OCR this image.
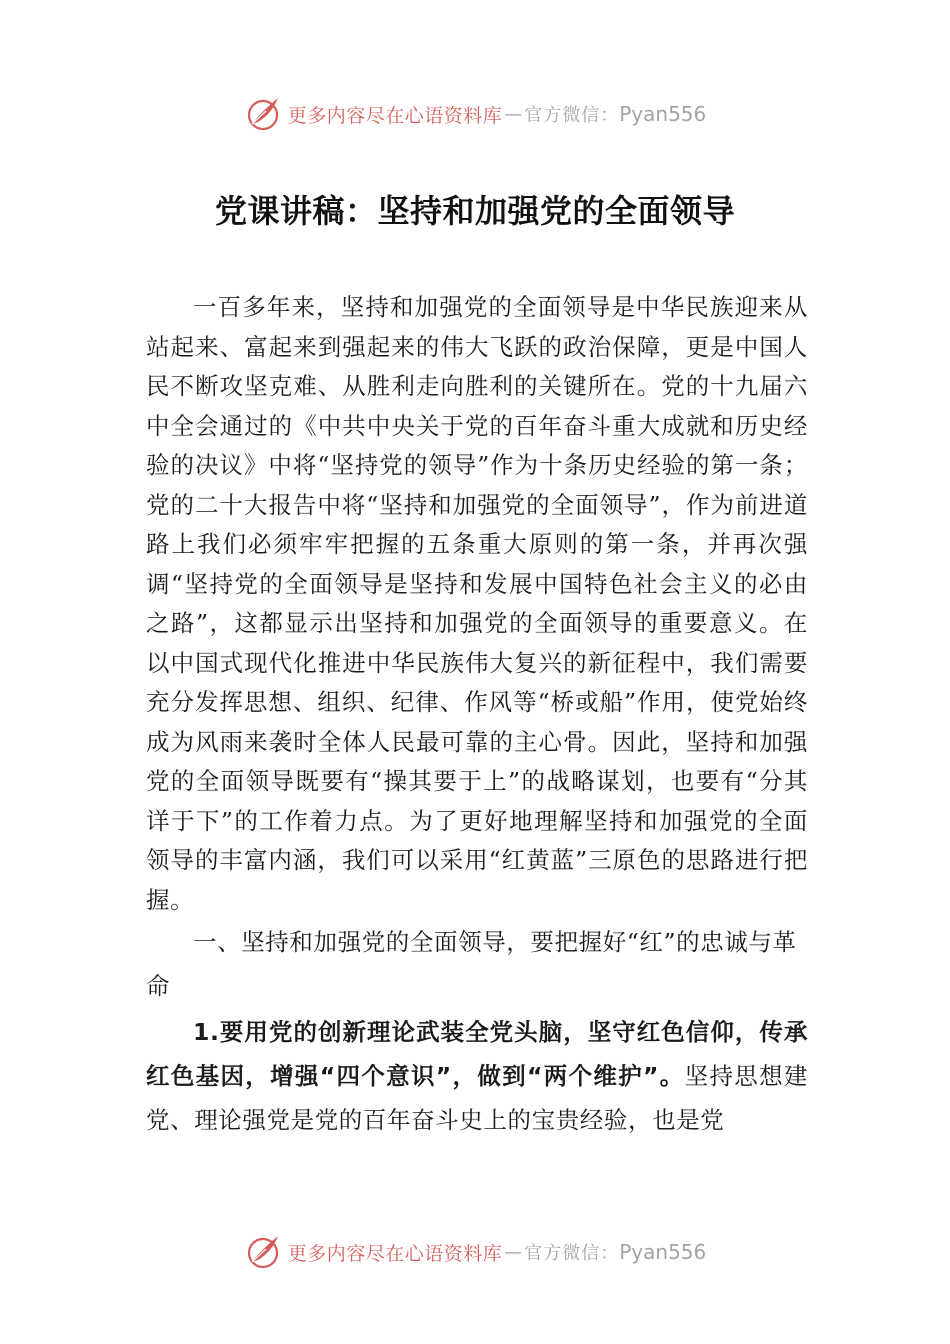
更多内容尽在心语资料库 — 官方微信： Pyan556
党课讲稿：坚持和加强党的全面领导

一百多年来，坚持和加强党的全面领导是中华民族迎来从站起来、富起来到强起来的伟大飞跃的政治保障，更是中国人民不断攻坚克难、从胜利走向胜利的关键所在。党的十九届六中全会通过的《中共中央关于党的百年奋斗重大成就和历史经验的决议》中将“坚持党的领导”作为十条历史经验的第一条；党的二十大报告中将“坚持和加强党的全面领导”，作为前进道路上我们必须牢牢把握的五条重大原则的第一条，并再次强调“坚持党的全面领导是坚持和发展中国特色社会主义的必由之路”，这都显示出坚持和加强党的全面领导的重要意义。在以中国式现代化推进中华民族伟大复兴的新征程中，我们需要充分发挥思想、组织、纪律、作风等“桥或船”作用，使党始终成为风雨来袭时全体人民最可靠的主心骨。因此，坚持和加强党的全面领导既要有“操其要于上”的战略谋划，也要有“分其详于下”的工作着力点。为了更好地理解坚持和加强党的全面领导的丰富内涵，我们可以采用“红黄蓝”三原色的思路进行把握。

一、坚持和加强党的全面领导，要把握好“红”的忠诚与革命

1.要用党的创新理论武装全党头脑，坚守红色信仰，传承红色基因，增强“四个意识”，做到“两个维护”。坚持思想建党、理论强党是党的百年奋斗史上的宝贵经验，也是党

更多内容尽在心语资料库 — 官方微信： Pyan556
